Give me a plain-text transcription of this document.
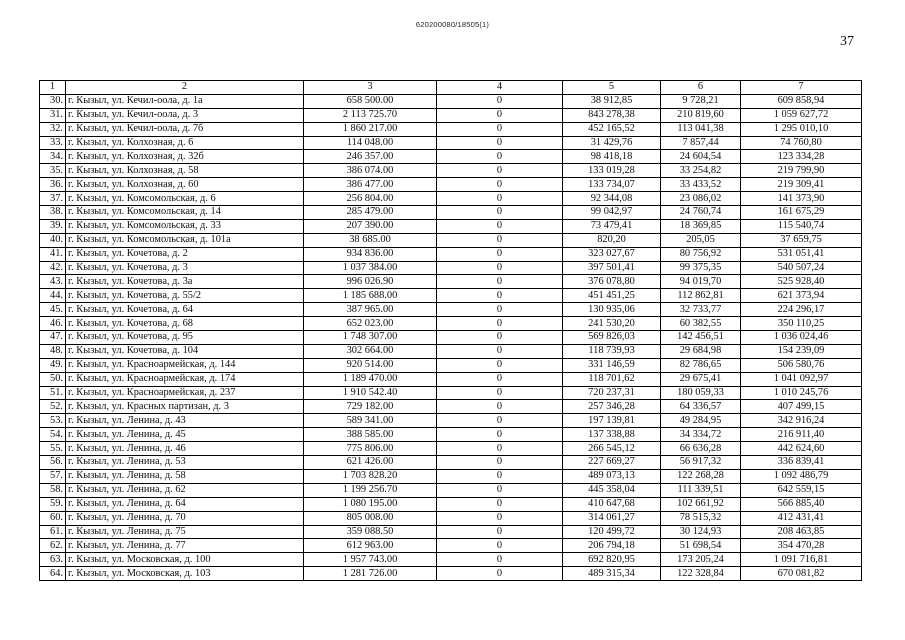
620200080/18505(1)
37
1	2	3	4	5	6	7
30.	г. Кызыл, ул. Кечил-оола, д. 1а	658 500.00	0	38 912,85	9 728,21	609 858,94
31.	г. Кызыл, ул. Кечил-оола, д. 3	2 113 725.70	0	843 278,38	210 819,60	1 059 627,72
32.	г. Кызыл, ул. Кечил-оола, д. 7б	1 860 217.00	0	452 165,52	113 041,38	1 295 010,10
33.	г. Кызыл, ул. Колхозная, д. 6	114 048.00	0	31 429,76	7 857,44	74 760,80
34.	г. Кызыл, ул. Колхозная, д. 32б	246 357.00	0	98 418,18	24 604,54	123 334,28
35.	г. Кызыл, ул. Колхозная, д. 58	386 074.00	0	133 019,28	33 254,82	219 799,90
36.	г. Кызыл, ул. Колхозная, д. 60	386 477.00	0	133 734,07	33 433,52	219 309,41
37.	г. Кызыл, ул. Комсомольская, д. 6	256 804.00	0	92 344,08	23 086,02	141 373,90
38.	г. Кызыл, ул. Комсомольская, д. 14	285 479.00	0	99 042,97	24 760,74	161 675,29
39.	г. Кызыл, ул. Комсомольская, д. 33	207 390.00	0	73 479,41	18 369,85	115 540,74
40.	г. Кызыл, ул. Комсомольская, д. 101а	38 685.00	0	820,20	205,05	37 659,75
41.	г. Кызыл, ул. Кочетова, д. 2	934 836.00	0	323 027,67	80 756,92	531 051,41
42.	г. Кызыл, ул. Кочетова, д. 3	1 037 384.00	0	397 501,41	99 375,35	540 507,24
43.	г. Кызыл, ул. Кочетова, д. 3а	996 026.90	0	376 078,80	94 019,70	525 928,40
44.	г. Кызыл, ул. Кочетова, д. 55/2	1 185 688.00	0	451 451,25	112 862,81	621 373,94
45.	г. Кызыл, ул. Кочетова, д. 64	387 965.00	0	130 935,06	32 733,77	224 296,17
46.	г. Кызыл, ул. Кочетова, д. 68	652 023.00	0	241 530,20	60 382,55	350 110,25
47.	г. Кызыл, ул. Кочетова, д. 95	1 748 307.00	0	569 826,03	142 456,51	1 036 024,46
48.	г. Кызыл, ул. Кочетова, д. 104	302 664.00	0	118 739,93	29 684,98	154 239,09
49.	г. Кызыл, ул. Красноармейская, д. 144	920 514.00	0	331 146,59	82 786,65	506 580,76
50.	г. Кызыл, ул. Красноармейская, д. 174	1 189 470.00	0	118 701,62	29 675,41	1 041 092,97
51.	г. Кызыл, ул. Красноармейская, д. 237	1 910 542.40	0	720 237,31	180 059,33	1 010 245,76
52.	г. Кызыл, ул. Красных партизан, д. 3	729 182.00	0	257 346,28	64 336,57	407 499,15
53.	г. Кызыл, ул. Ленина, д. 43	589 341.00	0	197 139,81	49 284,95	342 916,24
54.	г. Кызыл, ул. Ленина, д. 45	388 585.00	0	137 338,88	34 334,72	216 911,40
55.	г. Кызыл, ул. Ленина, д. 46	775 806.00	0	266 545,12	66 636,28	442 624,60
56.	г. Кызыл, ул. Ленина, д. 53	621 426.00	0	227 669,27	56 917,32	336 839,41
57.	г. Кызыл, ул. Ленина, д. 58	1 703 828.20	0	489 073,13	122 268,28	1 092 486,79
58.	г. Кызыл, ул. Ленина, д. 62	1 199 256.70	0	445 358,04	111 339,51	642 559,15
59.	г. Кызыл, ул. Ленина, д. 64	1 080 195.00	0	410 647,68	102 661,92	566 885,40
60.	г. Кызыл, ул. Ленина, д. 70	805 008.00	0	314 061,27	78 515,32	412 431,41
61.	г. Кызыл, ул. Ленина, д. 75	359 088.50	0	120 499,72	30 124,93	208 463,85
62.	г. Кызыл, ул. Ленина, д. 77	612 963.00	0	206 794,18	51 698,54	354 470,28
63.	г. Кызыл, ул. Московская, д. 100	1 957 743.00	0	692 820,95	173 205,24	1 091 716,81
64.	г. Кызыл, ул. Московская, д. 103	1 281 726.00	0	489 315,34	122 328,84	670 081,82
